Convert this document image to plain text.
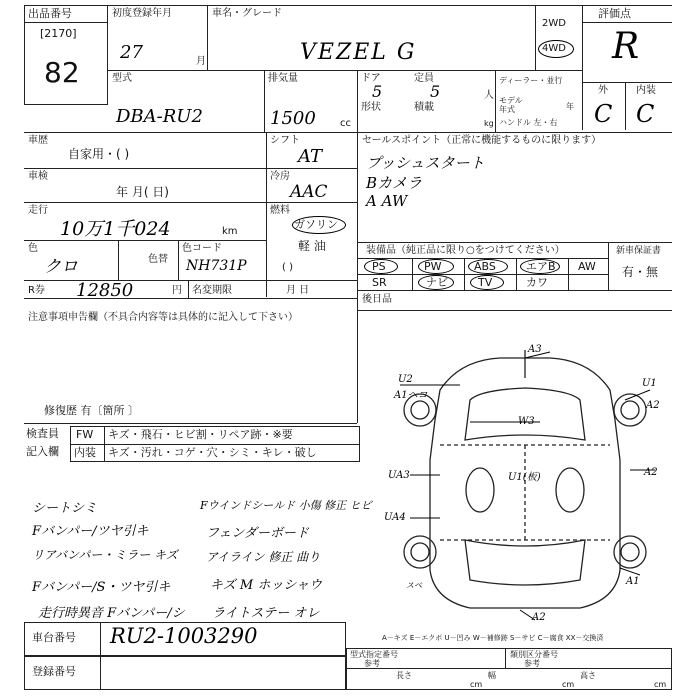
出品番号
[2170]
82
初度登録年月	車名・グレード
27	月	VEZEL G
2WD
4WD
評価点
R
型式	排気量	ドア	定員
5	5	人
形状	積載
kg
ディーラー・並行
モデル年式	年
ハンドル 左・右
DBA-RU2	1500 cc
外	内装
C C
車歴
自家用・( )
シフト
AT
車検
年 月( 日)
冷房
AAC
走行
10万1千024	km
燃料
ガソリン
軽 油
( )
色
クロ	色替
色コード
NH731P
R券 12850	円 名変期限	月 日
セールスポイント（正常に機能するものに限ります）
プッシュスタート
Bカメラ
A AW
装備品（純正品に限り○をつけてください）	新車保証書
有・無
PS	PW	ABS	エアB AW
SR	ナビ	TV	カワ
後日品
注意事項申告欄（不具合内容等は具体的に記入して下さい）
修復歴 有〔箇所 〕
検査員
記入欄
FW キズ・飛石・ヒビ割・リペア跡・※要
内装 キズ・汚れ・コゲ・穴・シミ・キレ・破し
シートシミ	Fウインドシールド 小傷 修正 ヒビ
Fバンパー/ツヤ引キ	フェンダーボード
リアバンパー・ミラー キズ アイライン 修正 曲り
Fバンパー/S・ツヤ引キ	キズ M ホッシャウ
走行時異音 Fバンパー/シ ライトステー オレ
A3
U2
A1ヘコ
U1
A2
W3
U1(板)
UA3	A2
UA4
A1
スベ
A2
A－キズ E－エクボ U－凹み W－補修跡 S－サビ C－腐食 XX－交換済
車台番号 RU2-1003290
登録番号
型式指定番号
参考
類別区分番号
参考
長さ	幅	高さ
cm	cm	cm
